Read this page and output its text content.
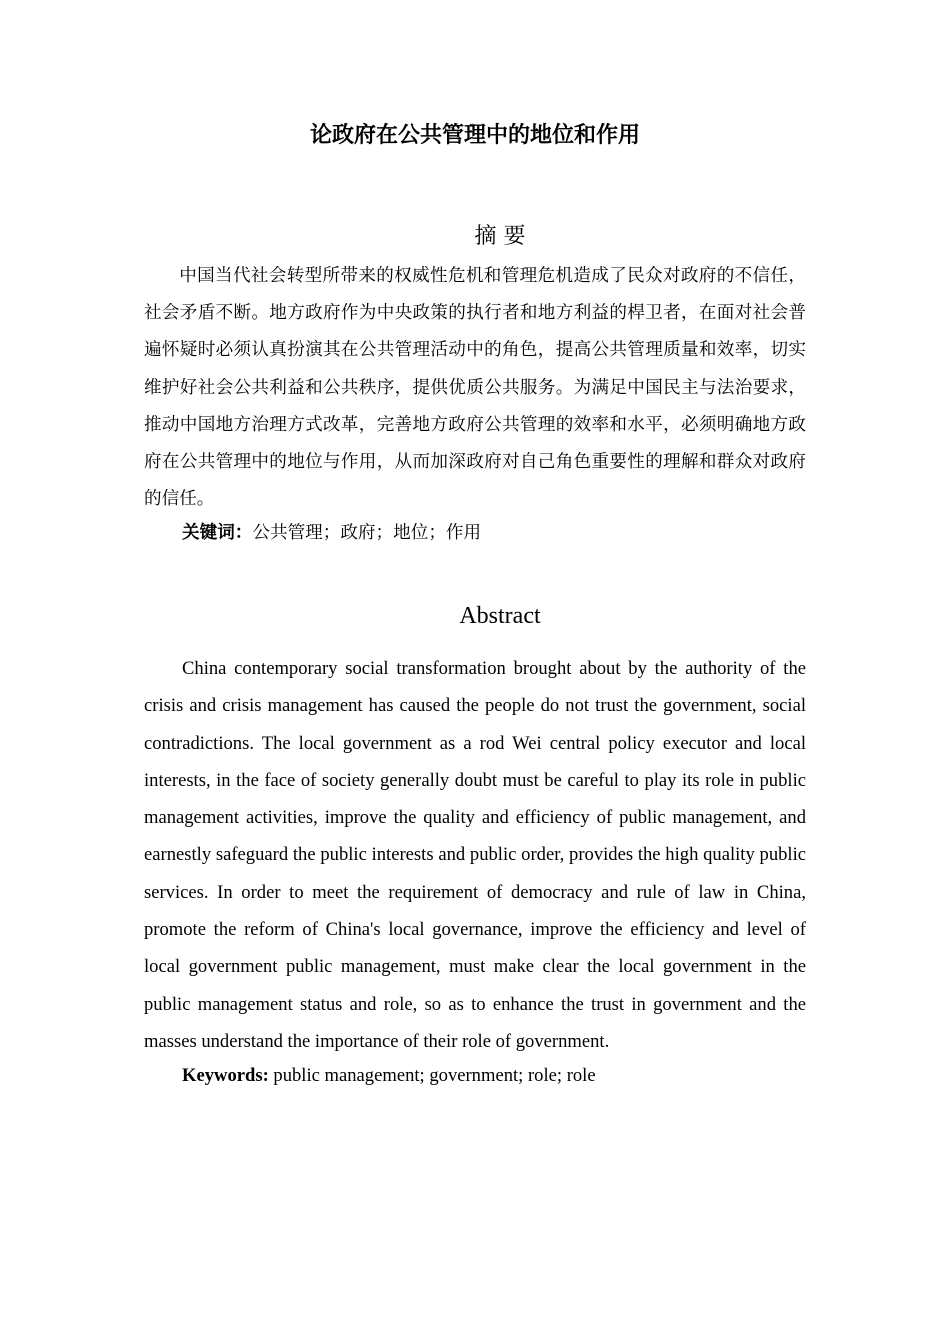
论政府在公共管理中的地位和作用
摘 要

中国当代社会转型所带来的权威性危机和管理危机造成了民众对政府的不信任，社会矛盾不断。地方政府作为中央政策的执行者和地方利益的桿卫者，在面对社会普遍怀疑时必须认真扮演其在公共管理活动中的角色，提高公共管理质量和效率，切实维护好社会公共利益和公共秩序，提供优质公共服务。为满足中国民主与法治要求，推动中国地方治理方式改革，完善地方政府公共管理的效率和水平，必须明确地方政府在公共管理中的地位与作用，从而加深政府对自己角色重要性的理解和群众对政府的信任。

关键词：公共管理；政府；地位；作用
Abstract

China contemporary social transformation brought about by the authority of the crisis and crisis management has caused the people do not trust the government, social contradictions. The local government as a rod Wei central policy executor and local interests, in the face of society generally doubt must be careful to play its role in public management activities, improve the quality and efficiency of public management, and earnestly safeguard the public interests and public order, provides the high quality public services. In order to meet the requirement of democracy and rule of law in China, promote the reform of China's local governance, improve the efficiency and level of local government public management, must make clear the local government in the public management status and role, so as to enhance the trust in government and the masses understand the importance of their role of government.

Keywords: public management; government; role; role
